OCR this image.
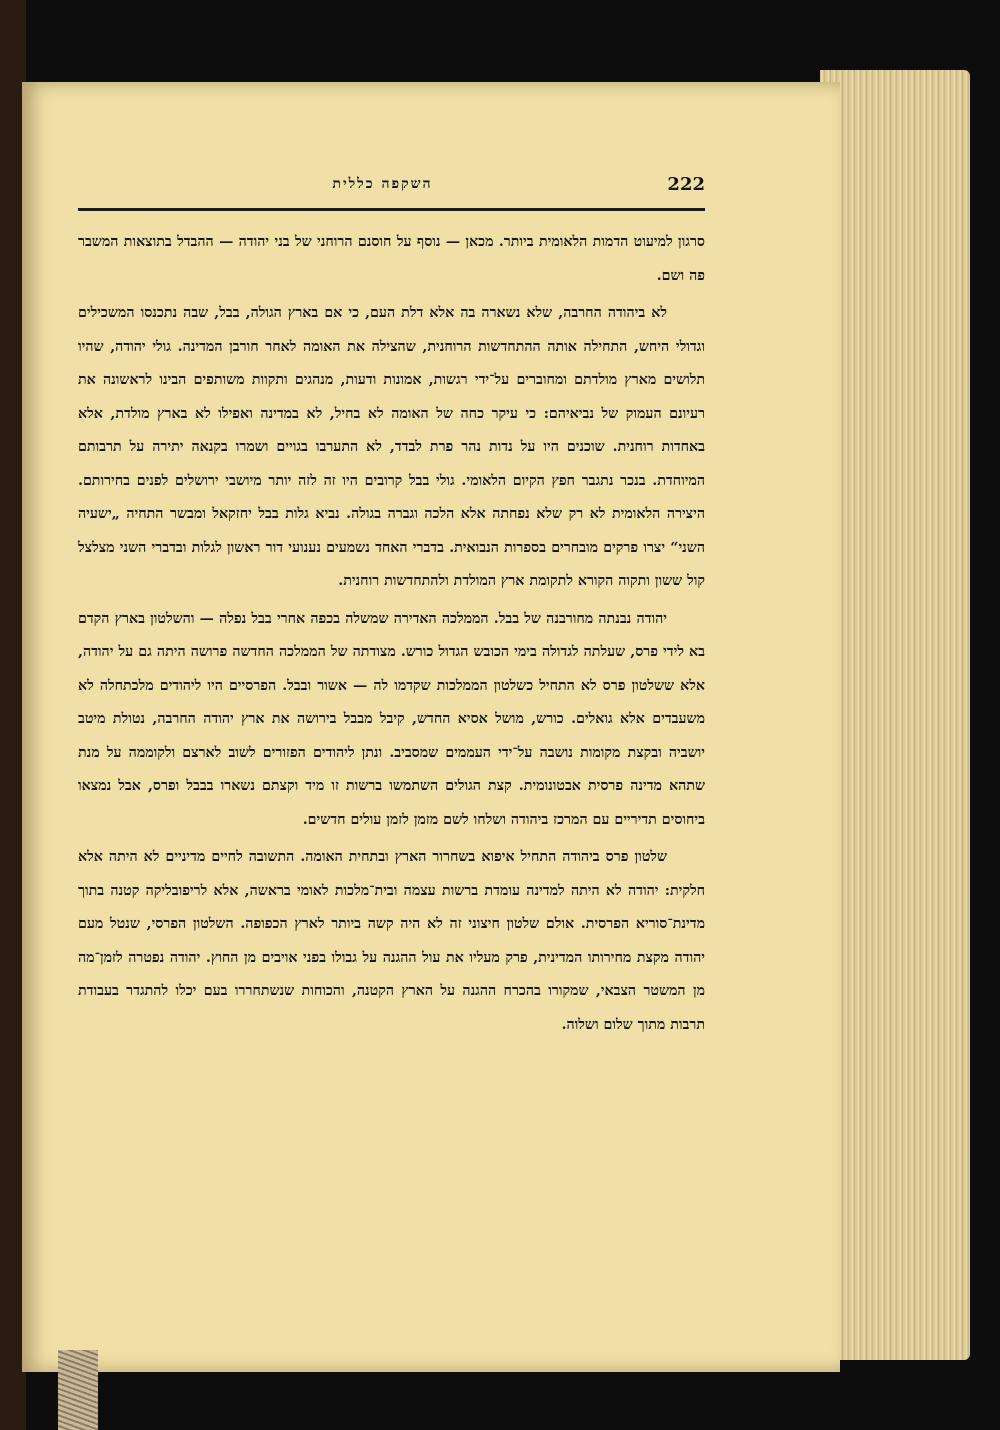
222
השקפה כללית

סרגון למיעוט הדמות הלאומית ביותר. מכאן — נוסף על חוסנם הרוחני של בני יהודה — ההבדל בתוצאות המשבר פה ושם.

לא ביהודה החרבה, שלא נשארה בה אלא דלת העם, כי אם בארץ הגולה, בבל, שבה נתכנסו המשכילים וגדולי היחש, התחילה אותה ההתחדשות הרוחנית, שהצילה את האומה לאחר חורבן המדינה. גולי יהודה, שהיו תלושים מארץ מולדתם ומחוברים על־ידי רגשות, אמונות ודעות, מנהגים ותקוות משותפים הבינו לראשונה את רעיונם העמוק של נביאיהם: כי עיקר כחה של האומה לא בחיל, לא במדינה ואפילו לא בארץ מולדת, אלא באחדות רוחנית. שוכנים היו על נדות נהר פרת לבדד, לא התערבו בגויים ושמרו בקנאה יתירה על תרבותם המיוחדת. בנכר נתגבר חפץ הקיום הלאומי. גולי בבל קרובים היו זה לזה יותר מיושבי ירושלים לפנים בחירותם. היצירה הלאומית לא רק שלא נפחתה אלא הלכה וגברה בגולה. נביא גלות בבל יחזקאל ומבשר התחיה „ישעיה השני“ יצרו פרקים מובחרים בספרות הנבואית. בדברי האחד נשמעים נענועי דור ראשון לגלות ובדברי השני מצלצל קול ששון ותקוה הקורא לתקומת ארץ המולדת ולהתחדשות רוחנית.

יהודה נבנתה מחורבנה של בבל. הממלכה האדירה שמשלה בכפה אחרי בבל נפלה — והשלטון בארץ הקדם בא לידי פרס, שעלתה לגדולה בימי הכובש הגדול כורש. מצודתה של הממלכה החדשה פרושה היתה גם על יהודה, אלא ששלטון פרס לא התחיל כשלטון הממלכות שקדמו לה — אשור ובבל. הפרסיים היו ליהודים מלכתחלה לא משעבדים אלא גואלים. כורש, מושל אסיא החדש, קיבל מבבל בירושה את ארץ יהודה החרבה, נטולת מיטב יושביה ובקצת מקומות נושבה על־ידי העממים שמסביב. ונתן ליהודים הפזורים לשוב לארצם ולקוממה על מנת שתהא מדינה פרסית אבטונומית. קצת הגולים השתמשו ברשות זו מיד וקצתם נשארו בבבל ופרס, אבל נמצאו ביחוסים תדיריים עם המרכז ביהודה ושלחו לשם מזמן לזמן עולים חדשים.

שלטון פרס ביהודה התחיל איפוא בשחרור הארץ ובתחית האומה. התשובה לחיים מדיניים לא היתה אלא חלקית: יהודה לא היתה למדינה עומדת ברשות עצמה ובית־מלכות לאומי בראשה, אלא לריפובליקה קטנה בתוך מדינת־סוריא הפרסית. אולם שלטון חיצוני זה לא היה קשה ביותר לארץ הכפופה. השלטון הפרסי, שנטל מעם יהודה מקצת מחירותו המדינית, פרק מעליו את עול ההגנה על גבולו בפני אויבים מן החוץ. יהודה נפטרה לזמן־מה מן המשטר הצבאי, שמקורו בהכרח ההגנה על הארץ הקטנה, והכוחות שנשתחררו בעם יכלו להתגדר בעבודת תרבות מתוך שלום ושלוה.
